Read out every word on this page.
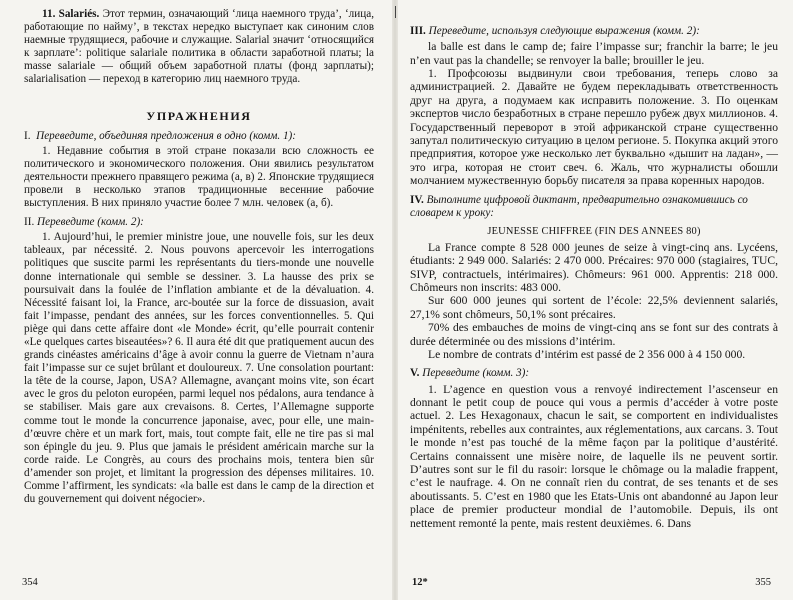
11. Salariés. Этот термин, означающий ‘лица наемного труда’, ‘лица, работающие по найму’, в текстах нередко выступает как синоним слов наемные трудящиеся, рабочие и служащие. Salarial значит ‘относящийся к зарплате’: politique salariale политика в области заработной платы; la masse salariale — общий объем заработной платы (фонд зарплаты); salarialisation — переход в категорию лиц наемного труда.

УПРАЖНЕНИЯ

I. Переведите, объединяя предложения в одно (комм. 1):

1. Недавние события в этой стране показали всю сложность ее политического и экономического положения. Они явились результатом деятельности прежнего правящего режима (а, в) 2. Японские трудящиеся провели в несколько этапов традиционные весенние рабочие выступления. В них приняло участие более 7 млн. человек (а, б).

II. Переведите (комм. 2):

1. Aujourd’hui, le premier ministre joue, une nouvelle fois, sur les deux tableaux, par nécessité. 2. Nous pouvons apercevoir les interrogations politiques que suscite parmi les représentants du tiers-monde une nouvelle donne internationale qui semble se dessiner. 3. La hausse des prix se poursuivait dans la foulée de l’inflation ambiante et de la dévaluation. 4. Nécessité faisant loi, la France, arc-boutée sur la force de dissuasion, avait fait l’impasse, pendant des années, sur les forces conventionnelles. 5. Qui piège qui dans cette affaire dont «le Monde» écrit, qu’elle pourrait contenir «Le quelques cartes biseautées»? 6. Il aura été dit que pratiquement aucun des grands cinéastes américains d’âge à avoir connu la guerre de Vietnam n’aura fait l’impasse sur ce sujet brûlant et douloureux. 7. Une consolation pourtant: la tête de la course, Japon, USA? Allemagne, avançant moins vite, son écart avec le gros du peloton européen, parmi lequel nos pédalons, aura tendance à se stabiliser. Mais gare aux crevaisons. 8. Certes, l’Allemagne supporte comme tout le monde la concurrence japonaise, avec, pour elle, une main-d’œuvre chère et un mark fort, mais, tout compte fait, elle ne tire pas si mal son épingle du jeu. 9. Plus que jamais le président américain marche sur la corde raide. Le Congrès, au cours des prochains mois, tentera bien sûr d’amender son projet, et limitant la progression des dépenses militaires. 10. Comme l’affirment, les syndicats: «la balle est dans le camp de la direction et du gouvernement qui doivent négocier».

354

III. Переведите, используя следующие выражения (комм. 2):

la balle est dans le camp de; faire l’impasse sur; franchir la barre; le jeu n’en vaut pas la chandelle; se renvoyer la balle; brouiller le jeu.

1. Профсоюзы выдвинули свои требования, теперь слово за администрацией. 2. Давайте не будем перекладывать ответственность друг на друга, а подумаем как исправить положение. 3. По оценкам экспертов число безработных в стране перешло рубеж двух миллионов. 4. Государственный переворот в этой африканской стране существенно запутал политическую ситуацию в целом регионе. 5. Покупка акций этого предприятия, которое уже несколько лет буквально «дышит на ладан», — это игра, которая не стоит свеч. 6. Жаль, что журналисты обошли молчанием мужественную борьбу писателя за права коренных народов.

IV. Выполните цифровой диктант, предварительно ознакомившись со словарем к уроку:

JEUNESSE CHIFFREE (FIN DES ANNEES 80)

La France compte 8 528 000 jeunes de seize à vingt-cinq ans. Lycéens, étudiants: 2 949 000. Salariés: 2 470 000. Précaires: 970 000 (stagiaires, TUC, SIVP, contractuels, intérimaires). Chômeurs: 961 000. Apprentis: 218 000. Chômeurs non inscrits: 483 000.

Sur 600 000 jeunes qui sortent de l’école: 22,5% deviennent salariés, 27,1% sont chômeurs, 50,1% sont précaires.

70% des embauches de moins de vingt-cinq ans se font sur des contrats à durée déterminée ou des missions d’intérim.

Le nombre de contrats d’intérim est passé de 2 356 000 à 4 150 000.

V. Переведите (комм. 3):

1. L’agence en question vous a renvoyé indirectement l’ascenseur en donnant le petit coup de pouce qui vous a permis d’accéder à votre poste actuel. 2. Les Hexagonaux, chacun le sait, se comportent en individualistes impénitents, rebelles aux contraintes, aux réglementations, aux carcans. 3. Tout le monde n’est pas touché de la même façon par la politique d’austérité. Certains connaissent une misère noire, de laquelle ils ne peuvent sortir. D’autres sont sur le fil du rasoir: lorsque le chômage ou la maladie frappent, c’est le naufrage. 4. On ne connaît rien du contrat, de ses tenants et de ses aboutissants. 5. C’est en 1980 que les Etats-Unis ont abandonné au Japon leur place de premier producteur mondial de l’automobile. Depuis, ils ont nettement remonté la pente, mais restent deuxièmes. 6. Dans

12*	355
